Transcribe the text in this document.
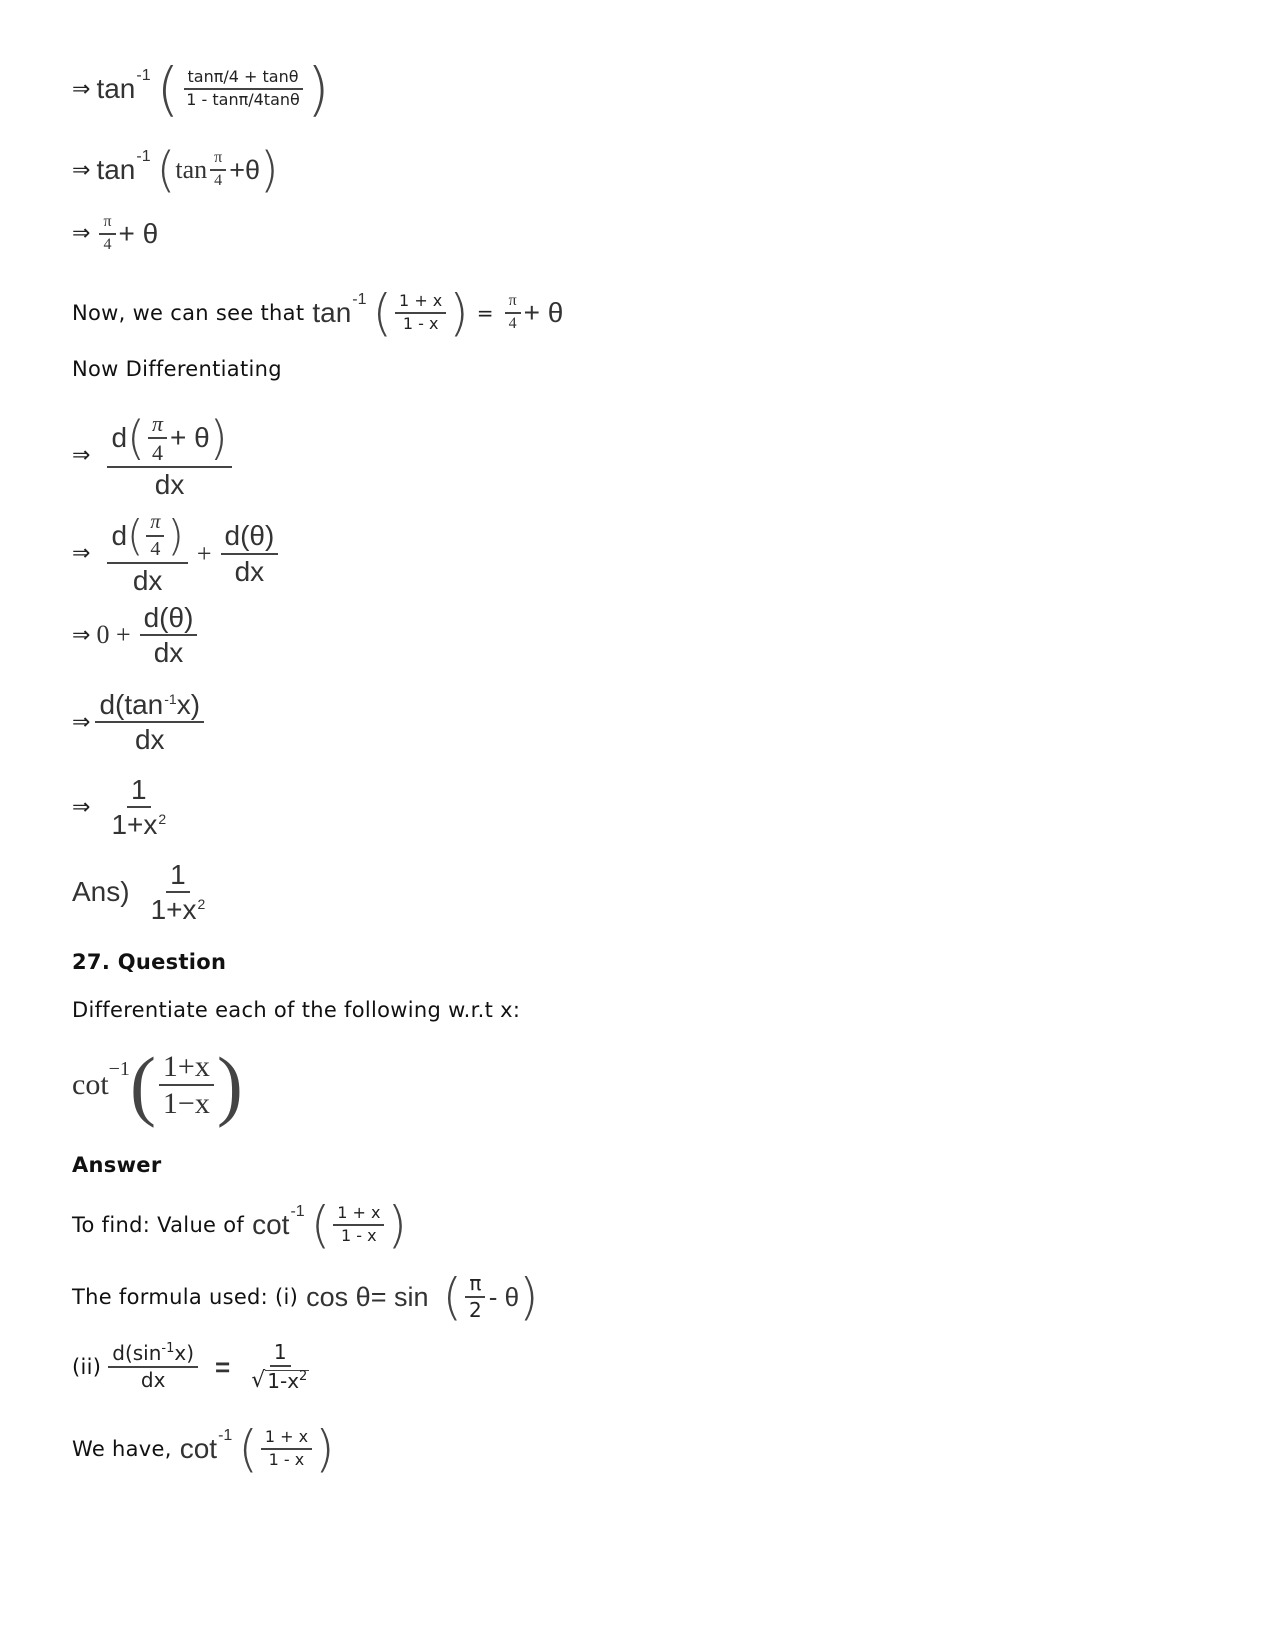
⇒ tan -1 ( $\frac{\tan\pi/4 + \tan\theta}{1 - \tan\pi/4\tan\theta}$ )
⇒ tan -1 ( $\tan \frac{\pi}{4} +\theta$ )
⇒ $\frac{\pi}{4} + \theta$
Now, we can see that tan -1 ( $\frac{1 + x}{1 - x}$ ) = $\frac{\pi}{4} + \theta$
Now Differentiating
⇒
d ( $\frac{\pi}{4} + \theta$ )
dx
⇒ $\frac{d ( \frac{\pi}{4} )}{dx} + \frac{d(\theta)}{dx}$
⇒ $0 + \frac{d(\theta)}{dx}$
⇒ $\frac{d(\tan^{-1}x)}{dx}$
⇒ $\frac{1}{1+x^2}$
$Ans) \frac{1}{1+x^2}$
27. Question
Differentiate each of the following w.r.t x:
cot −1 ( $\frac{1+x}{1-x}$ )
Answer
To find: Value of cot -1 ( $\frac{1 + x}{1 - x}$ )
The formula used: (i) cos θ= sin ( $\frac{\pi}{2}$ - θ )
$(ii) \frac{d(\sin^{-1}x)}{dx} = \frac{1}{√ 1-x^2}$
We have, cot -1 ( $\frac{1 + x}{1 - x}$ )
